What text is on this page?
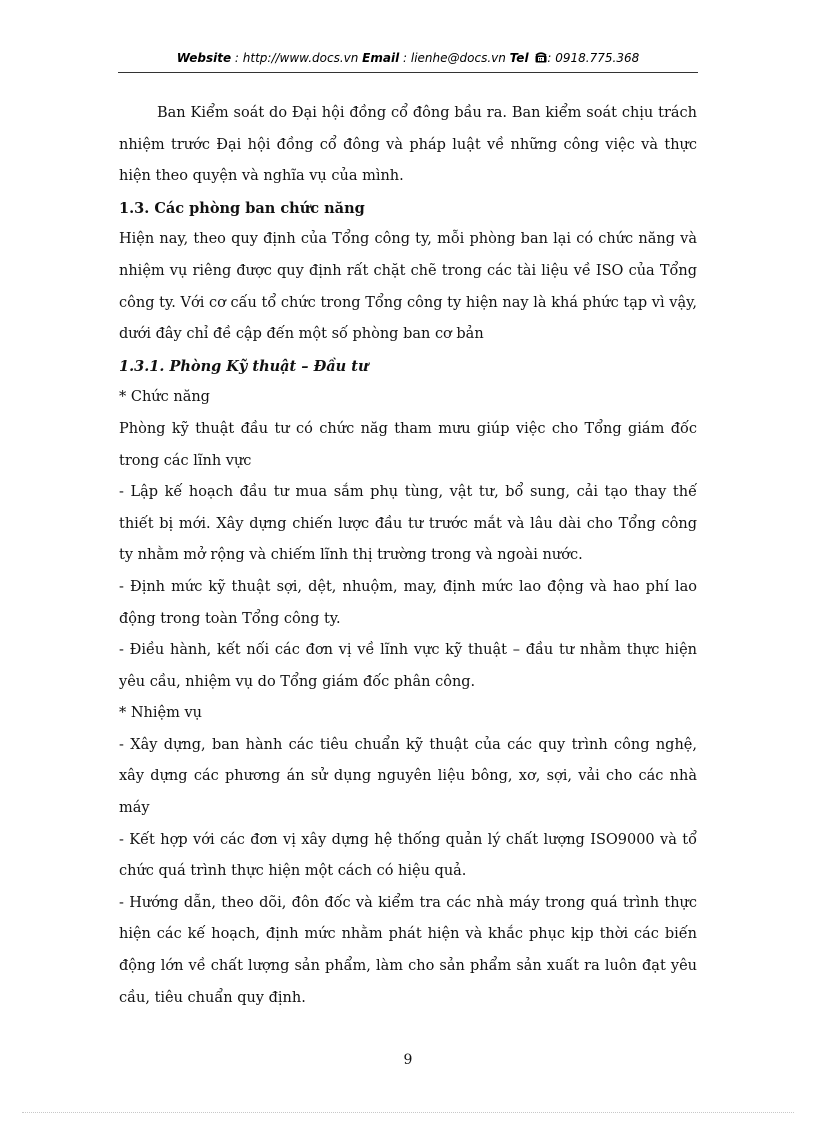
Website : http://www.docs.vn Email : lienhe@docs.vn Tel : 0918.775.368

Ban Kiểm soát do Đại hội đồng cổ đông bầu ra. Ban kiểm soát chịu trách nhiệm trước Đại hội đồng cổ đông và pháp luật về những công việc và thực hiện theo quyện và nghĩa vụ của mình.

1.3. Các phòng ban chức năng

Hiện nay, theo quy định của Tổng công ty, mỗi phòng ban lại có chức năng và nhiệm vụ riêng được quy định rất chặt chẽ trong các tài liệu về ISO của Tổng công ty. Với cơ cấu tổ chức trong Tổng công ty hiện nay là khá phức tạp vì vậy, dưới đây chỉ đề cập đến một số phòng ban cơ bản

1.3.1. Phòng Kỹ thuật – Đầu tư

* Chức năng

Phòng kỹ thuật đầu tư có chức năg tham mưu giúp việc cho Tổng giám đốc trong các lĩnh vực

- Lập kế hoạch đầu tư mua sắm phụ tùng, vật tư, bổ sung, cải tạo thay thế thiết bị mới. Xây dựng chiến lược đầu tư trước mắt và lâu dài cho Tổng công ty nhằm mở rộng và chiếm lĩnh thị trường trong và ngoài nước.

- Định mức kỹ thuật sợi, dệt, nhuộm, may, định mức lao động và hao phí lao động trong toàn Tổng công ty.

- Điều hành, kết nối các đơn vị về lĩnh vực kỹ thuật – đầu tư nhằm thực hiện yêu cầu, nhiệm vụ do Tổng giám đốc phân công.

* Nhiệm vụ

- Xây dựng, ban hành các tiêu chuẩn kỹ thuật của các quy trình công nghệ, xây dựng các phương án sử dụng nguyên liệu bông, xơ, sợi, vải cho các nhà máy

- Kết hợp với các đơn vị xây dựng hệ thống quản lý chất lượng ISO9000 và tổ chức quá trình thực hiện một cách có hiệu quả.

- Hướng dẫn, theo dõi, đôn đốc và kiểm tra các nhà máy trong quá trình thực hiện các kế hoạch, định mức nhằm phát hiện và khắc phục kịp thời các biến động lớn về chất lượng sản phẩm, làm cho sản phẩm sản xuất ra luôn đạt yêu cầu, tiêu chuẩn quy định.

9
